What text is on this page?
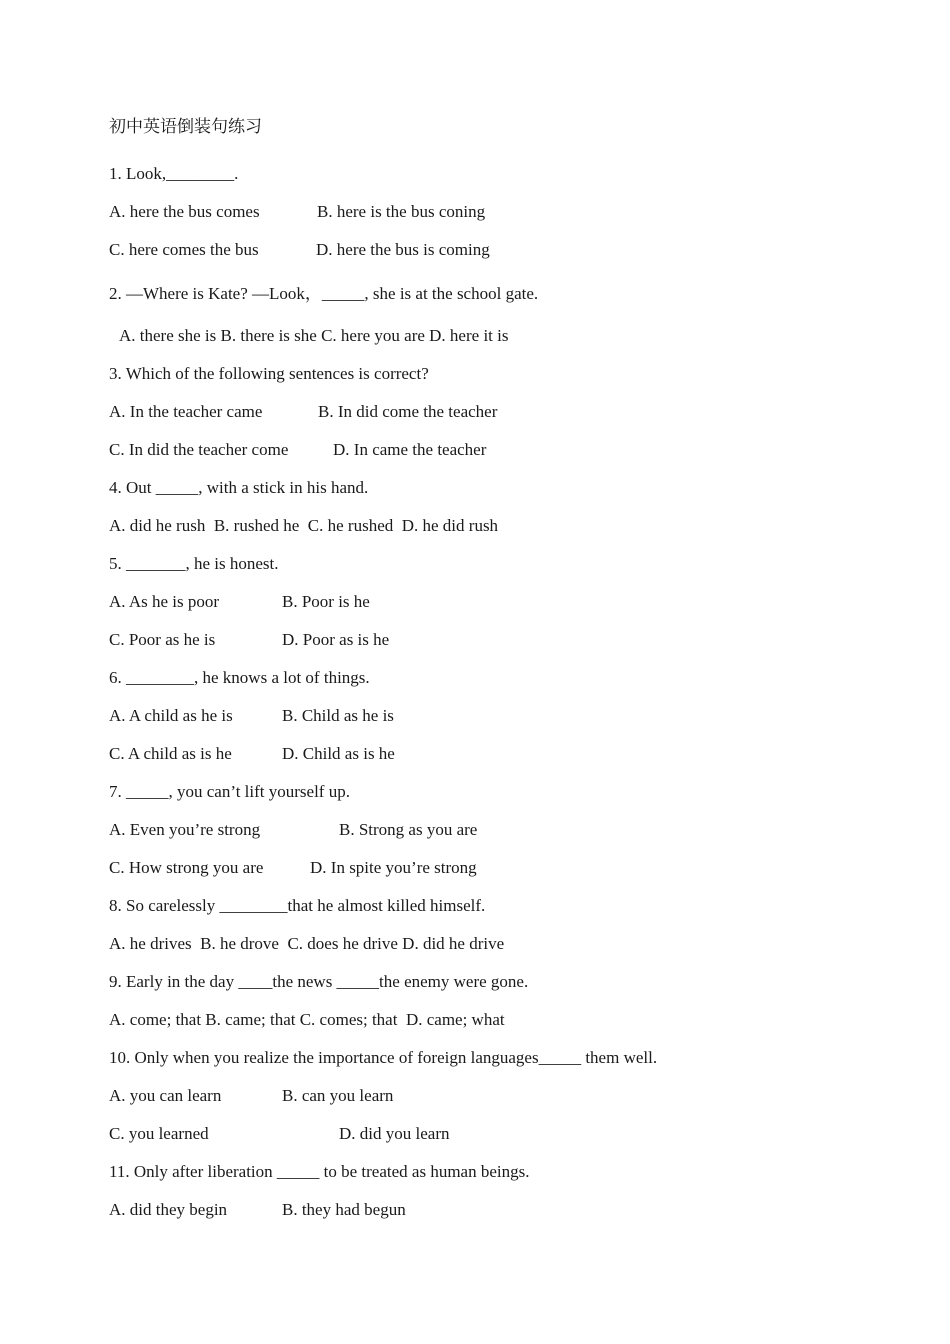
初中英语倒装句练习
1. Look,________.
A. here the bus comes	B. here is the bus coning
C. here comes the bus	D. here the bus is coming
2. —Where is Kate? —Look，_____, she is at the school gate.
A. there she is B. there is she C. here you are D. here it is
3. Which of the following sentences is correct?
A. In the teacher came	B. In did come the teacher
C. In did the teacher come	D. In came the teacher
4. Out _____, with a stick in his hand.
A. did he rush  B. rushed he  C. he rushed  D. he did rush
5. _______, he is honest.
A. As he is poor	B. Poor is he
C. Poor as he is	D. Poor as is he
6. ________, he knows a lot of things.
A. A child as he is	B. Child as he is
C. A child as is he	D. Child as is he
7. _____, you can’t lift yourself up.
A. Even you’re strong	B. Strong as you are
C. How strong you are	D. In spite you’re strong
8. So carelessly ________that he almost killed himself.
A. he drives  B. he drove  C. does he drive D. did he drive
9. Early in the day ____the news _____the enemy were gone.
A. come; that B. came; that C. comes; that  D. came; what
10. Only when you realize the importance of foreign languages_____ them well.
A. you can learn	B. can you learn
C. you learned	D. did you learn
11. Only after liberation _____ to be treated as human beings.
A. did they begin	B. they had begun
